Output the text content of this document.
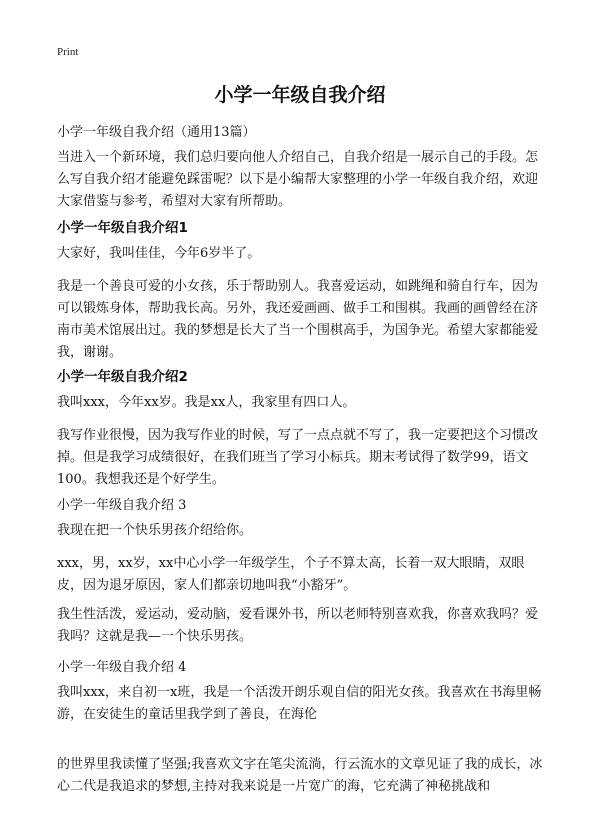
Print
小学一年级自我介绍
小学一年级自我介绍（通用13篇）
当进入一个新环境，我们总归要向他人介绍自己，自我介绍是一展示自己的手段。怎么写自我介绍才能避免踩雷呢？以下是小编帮大家整理的小学一年级自我介绍，欢迎大家借鉴与参考，希望对大家有所帮助。
小学一年级自我介绍1
大家好，我叫佳佳，今年6岁半了。
我是一个善良可爱的小女孩，乐于帮助别人。我喜爱运动，如跳绳和骑自行车，因为可以锻炼身体，帮助我长高。另外，我还爱画画、做手工和围棋。我画的画曾经在济南市美术馆展出过。我的梦想是长大了当一个围棋高手，为国争光。希望大家都能爱我，谢谢。
小学一年级自我介绍2
我叫xxx，今年xx岁。我是xx人，我家里有四口人。
我写作业很慢，因为我写作业的时候，写了一点点就不写了，我一定要把这个习惯改掉。但是我学习成绩很好，在我们班当了学习小标兵。期末考试得了数学99，语文100。我想我还是个好学生。
小学一年级自我介绍 3
我现在把一个快乐男孩介绍给你。
xxx，男，xx岁，xx中心小学一年级学生，个子不算太高，长着一双大眼睛，双眼皮，因为退牙原因，家人们都亲切地叫我“小豁牙”。
我生性活泼，爱运动，爱动脑，爱看课外书，所以老师特别喜欢我，你喜欢我吗？爱我吗？这就是我—一个快乐男孩。
小学一年级自我介绍 4
我叫xxx，来自初一x班，我是一个活泼开朗乐观自信的阳光女孩。我喜欢在书海里畅游，在安徒生的童话里我学到了善良，在海伦
的世界里我读懂了坚强;我喜欢文字在笔尖流淌，行云流水的文章见证了我的成长，冰心二代是我追求的梦想,主持对我来说是一片宽广的海，它充满了神秘挑战和
